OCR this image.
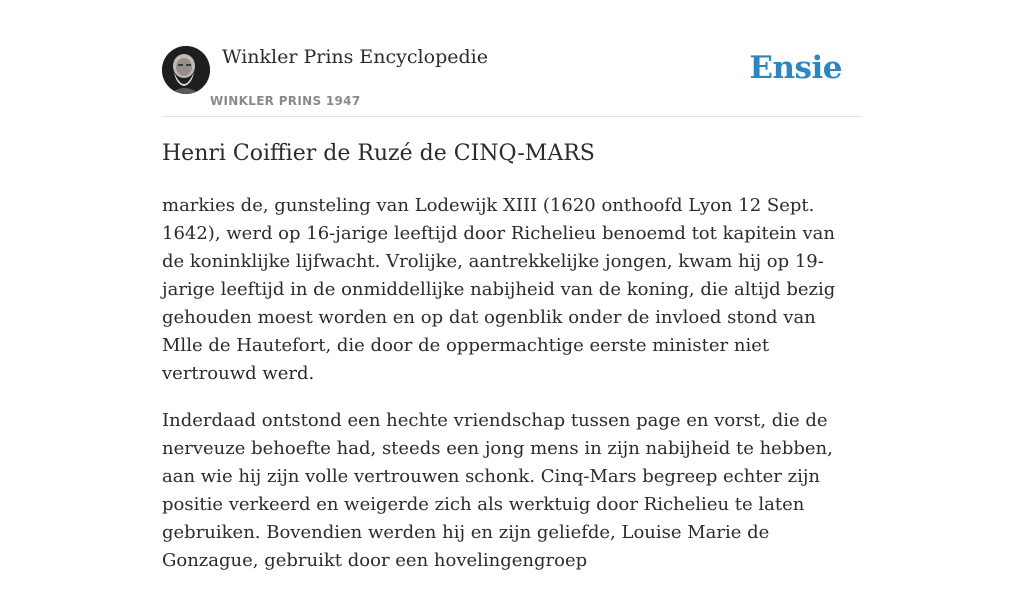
Winkler Prins Encyclopedie
WINKLER PRINS 1947
Ensie
Henri Coiffier de Ruzé de CINQ-MARS

markies de, gunsteling van Lodewijk XIII (1620 onthoofd Lyon 12 Sept. 1642), werd op 16-jarige leeftijd door Richelieu benoemd tot kapitein van de koninklijke lijfwacht. Vrolijke, aantrekkelijke jongen, kwam hij op 19-jarige leeftijd in de onmiddellijke nabijheid van de koning, die altijd bezig gehouden moest worden en op dat ogenblik onder de invloed stond van Mlle de Hautefort, die door de oppermachtige eerste minister niet vertrouwd werd.

Inderdaad ontstond een hechte vriendschap tussen page en vorst, die de nerveuze behoefte had, steeds een jong mens in zijn nabijheid te hebben, aan wie hij zijn volle vertrouwen schonk. Cinq-Mars begreep echter zijn positie verkeerd en weigerde zich als werktuig door Richelieu te laten gebruiken. Bovendien werden hij en zijn geliefde, Louise Marie de Gonzague, gebruikt door een hovelingengroep
